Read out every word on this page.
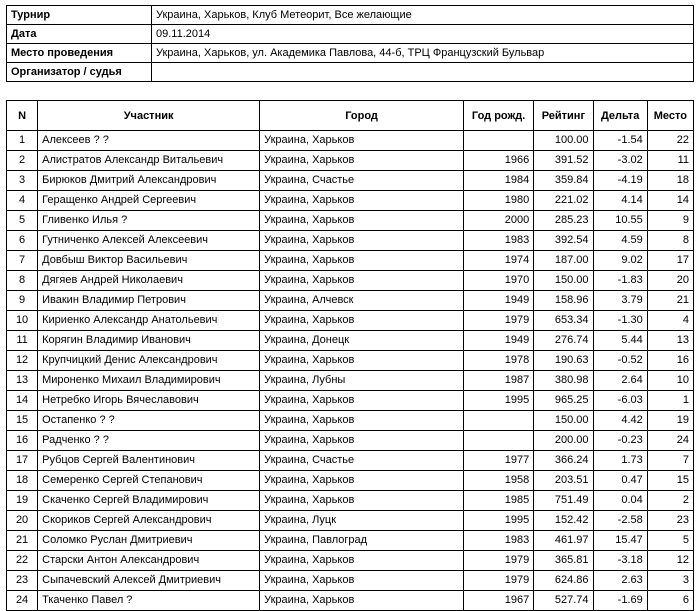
Турнир	Украина, Харьков, Клуб Метеорит, Все желающие
Дата	09.11.2014
Место проведения	Украина, Харьков, ул. Академика Павлова, 44-б, ТРЦ Французский Бульвар
Организатор / судья	
N	Участник	Город	Год рожд.	Рейтинг	Дельта	Место
1	Алексеев ? ?	Украина, Харьков		100.00	-1.54	22
2	Алистратов Александр Витальевич	Украина, Харьков	1966	391.52	-3.02	11
3	Бирюков Дмитрий Александрович	Украина, Счастье	1984	359.84	-4.19	18
4	Геращенко Андрей Сергеевич	Украина, Харьков	1980	221.02	4.14	14
5	Гливенко Илья ?	Украина, Харьков	2000	285.23	10.55	9
6	Гутниченко Алексей Алексеевич	Украина, Харьков	1983	392.54	4.59	8
7	Довбыш Виктор Васильевич	Украина, Харьков	1974	187.00	9.02	17
8	Дягяев Андрей Николаевич	Украина, Харьков	1970	150.00	-1.83	20
9	Ивакин Владимир Петрович	Украина, Алчевск	1949	158.96	3.79	21
10	Кириенко Александр Анатольевич	Украина, Харьков	1979	653.34	-1.30	4
11	Корягин Владимир Иванович	Украина, Донецк	1949	276.74	5.44	13
12	Крупчицкий Денис Александрович	Украина, Харьков	1978	190.63	-0.52	16
13	Мироненко Михаил Владимирович	Украина, Лубны	1987	380.98	2.64	10
14	Нетребко Игорь Вячеславович	Украина, Харьков	1995	965.25	-6.03	1
15	Остапенко ? ?	Украина, Харьков		150.00	4.42	19
16	Радченко ? ?	Украина, Харьков		200.00	-0.23	24
17	Рубцов Сергей Валентинович	Украина, Счастье	1977	366.24	1.73	7
18	Семеренко Сергей Степанович	Украина, Харьков	1958	203.51	0.47	15
19	Скаченко Сергей Владимирович	Украина, Харьков	1985	751.49	0.04	2
20	Скориков Сергей Александрович	Украина, Луцк	1995	152.42	-2.58	23
21	Соломко Руслан Дмитриевич	Украина, Павлоград	1983	461.97	15.47	5
22	Старски Антон Александрович	Украина, Харьков	1979	365.81	-3.18	12
23	Сыпачевский Алексей Дмитриевич	Украина, Харьков	1979	624.86	2.63	3
24	Ткаченко Павел ?	Украина, Харьков	1967	527.74	-1.69	6
